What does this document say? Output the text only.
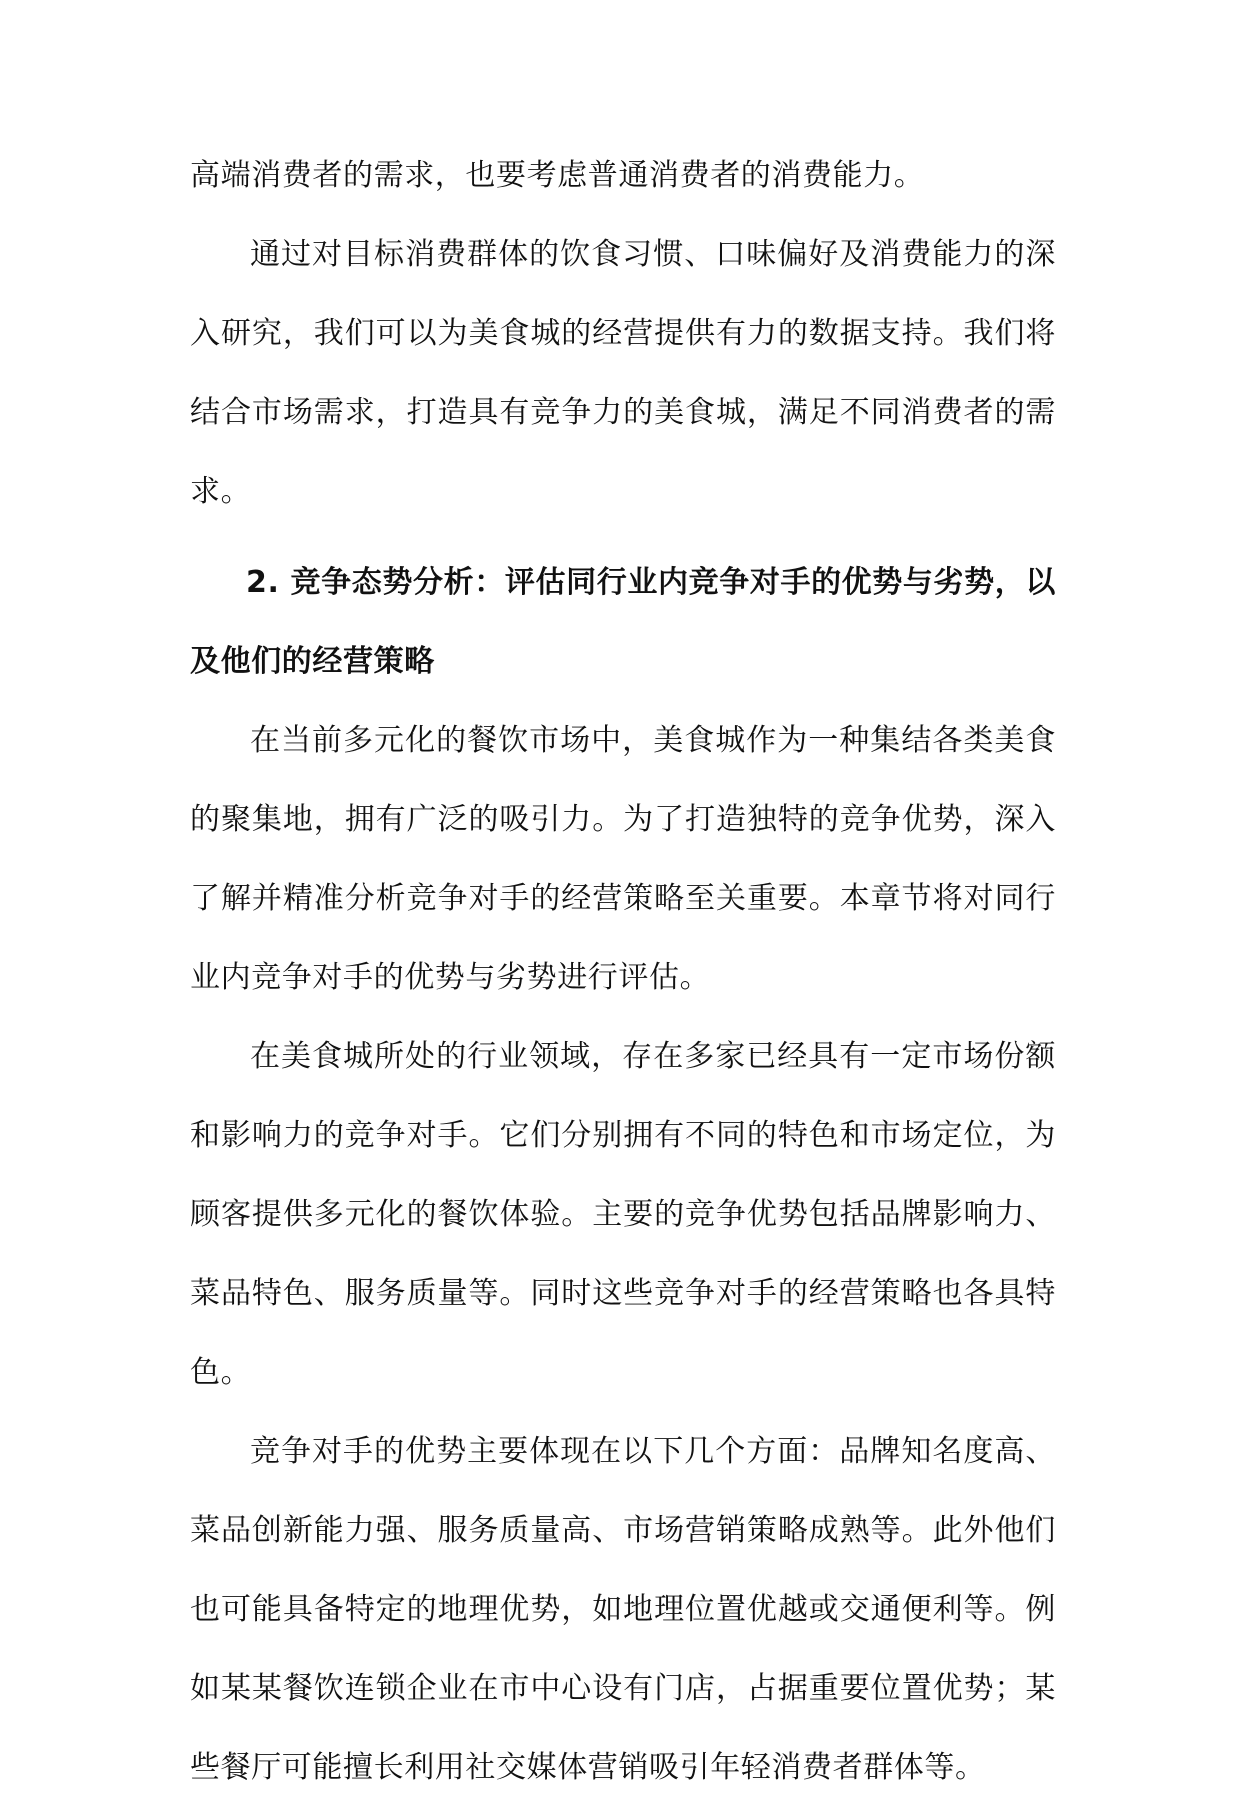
高端消费者的需求，也要考虑普通消费者的消费能力。

通过对目标消费群体的饮食习惯、口味偏好及消费能力的深入研究，我们可以为美食城的经营提供有力的数据支持。我们将结合市场需求，打造具有竞争力的美食城，满足不同消费者的需求。

2. 竞争态势分析：评估同行业内竞争对手的优势与劣势，以及他们的经营策略

在当前多元化的餐饮市场中，美食城作为一种集结各类美食的聚集地，拥有广泛的吸引力。为了打造独特的竞争优势，深入了解并精准分析竞争对手的经营策略至关重要。本章节将对同行业内竞争对手的优势与劣势进行评估。

在美食城所处的行业领域，存在多家已经具有一定市场份额和影响力的竞争对手。它们分别拥有不同的特色和市场定位，为顾客提供多元化的餐饮体验。主要的竞争优势包括品牌影响力、菜品特色、服务质量等。同时这些竞争对手的经营策略也各具特色。

竞争对手的优势主要体现在以下几个方面：品牌知名度高、菜品创新能力强、服务质量高、市场营销策略成熟等。此外他们也可能具备特定的地理优势，如地理位置优越或交通便利等。例如某某餐饮连锁企业在市中心设有门店，占据重要位置优势；某些餐厅可能擅长利用社交媒体营销吸引年轻消费者群体等。
